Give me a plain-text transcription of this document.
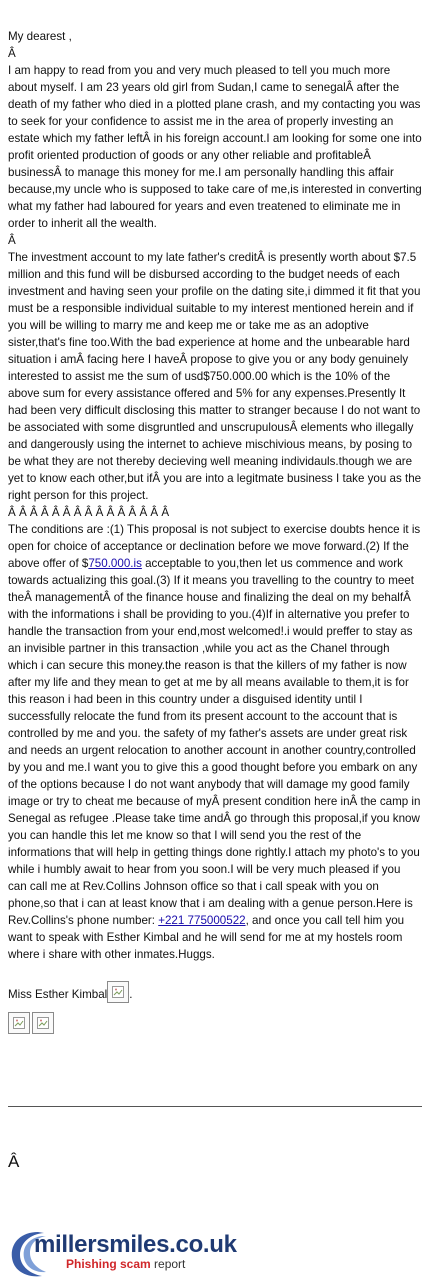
My dearest ,

Â

I am happy to read from you and very much pleased to tell you much more about myself. I am 23 years old girl from Sudan,I came to senegalÂ after the death of my father who died in a plotted plane crash, and my contacting you was to seek for your confidence to assist me in the area of properly investing an estate which my father leftÂ in his foreign account.I am looking for some one into profit oriented production of goods or any other reliable and profitableÂ businessÂ to manage this money for me.I am personally handling this affair because,my uncle who is supposed to take care of me,is interested in converting what my father had laboured for years and even treatened to eliminate me in order to inherit all the wealth.

Â

The investment account to my late father's creditÂ is presently worth about $7.5 million and this fund will be disbursed according to the budget needs of each investment and having seen your profile on the dating site,i dimmed it fit that you must be a responsible individual suitable to my interest mentioned herein and if you will be willing to marry me and keep me or take me as an adoptive sister,that's fine too.With the bad experience at home and the unbearable hard situation i amÂ facing here I haveÂ propose to give you or any body genuinely interested to assist me the sum of usd$750.000.00 which is the 10% of the above sum for every assistance offered and 5% for any expenses.Presently It had been very difficult disclosing this matter to stranger because I do not want to be associated with some disgruntled and unscrupulousÂ elements who illegally and dangerously using the internet to achieve mischivious means, by posing to be what they are not thereby decieving well meaning individauls.though we are yet to know each other,but ifÂ you are into a legitmate business I take you as the right person for this project.

Â Â Â Â Â Â Â Â Â Â Â Â Â Â Â

The conditions are :(1) This proposal is not subject to exercise doubts hence it is open for choice of acceptance or declination before we move forward.(2) If the above offer of $750.000.is acceptable to you,then let us commence and work towards actualizing this goal.(3) If it means you travelling to the country to meet theÂ managementÂ of the finance house and finalizing the deal on my behalfÂ with the informations i shall be providing to you.(4)If in alternative you prefer to handle the transaction from your end,most welcomed!.i would preffer to stay as an invisible partner in this transaction ,while you act as the Chanel through which i can secure this money.the reason is that the killers of my father is now after my life and they mean to get at me by all means available to them,it is for this reason i had been in this country under a disguised identity until I successfully relocate the fund from its present account to the account that is controlled by me and you. the safety of my father's assets are under great risk and needs an urgent relocation to another account in another country,controlled by you and me.I want you to give this a good thought before you embark on any of the options because I do not want anybody that will damage my good family image or try to cheat me because of myÂ present condition here inÂ the camp in Senegal as refugee .Please take time andÂ go through this proposal,if you know you can handle this let me know so that I will send you the rest of the informations that will help in getting things done rightly.I attach my photo's to you while i humbly await to hear from you soon.I will be very much pleased if you can call me at Rev.Collins Johnson office so that i call speak with you on phone,so that i can at least know that i am dealing with a genue person.Here is Rev.Collins's phone number: +221 775000522, and once you call tell him you want to speak with Esther Kimbal and he will send for me at my hostels room where i share with other inmates.Huggs.

Miss Esther Kimbal .
Â
millersmiles.co.uk
Phishing scam report
